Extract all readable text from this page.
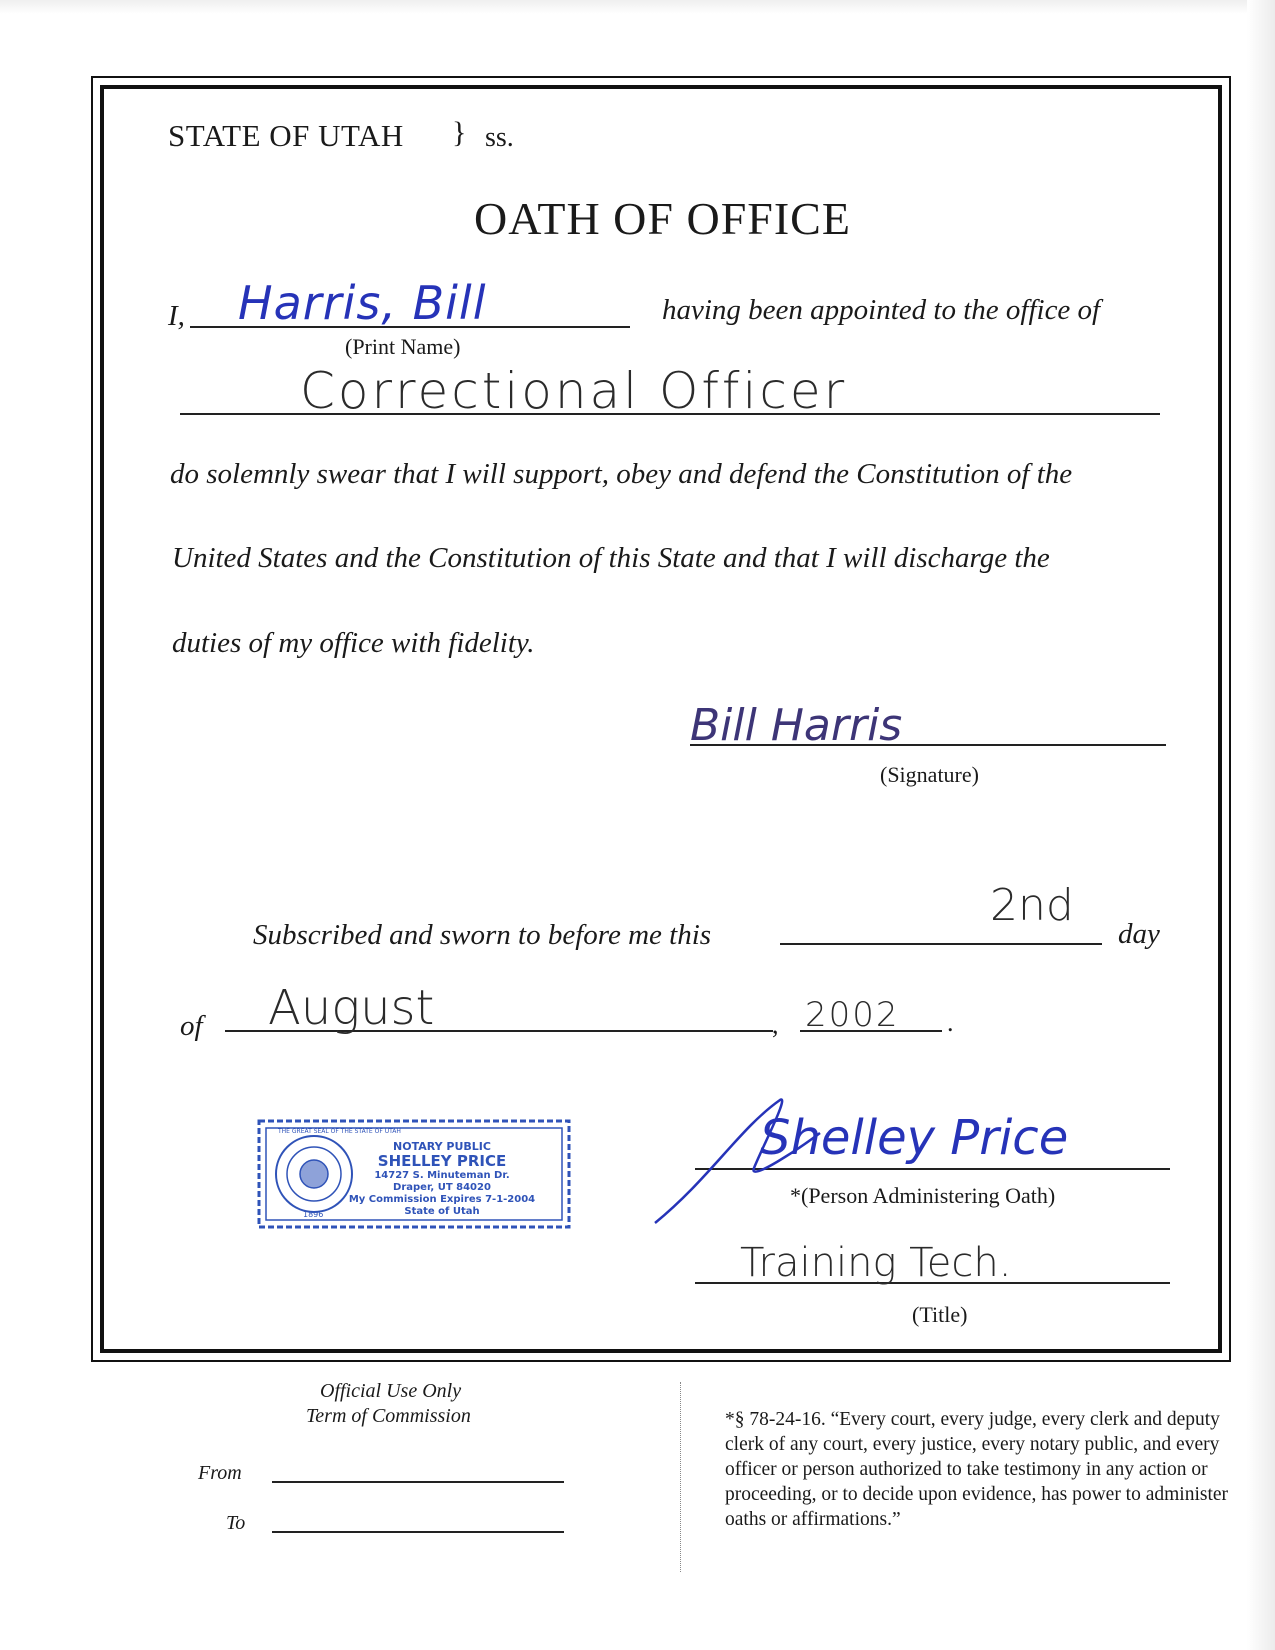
STATE OF UTAH } ss.
OATH OF OFFICE
I, Harris, Bill
(Print Name)
having been appointed to the office of
Correctional Officer
do solemnly swear that I will support, obey and defend the Constitution of the
United States and the Constitution of this State and that I will discharge the
duties of my office with fidelity.
Bill Harris
(Signature)
Subscribed and sworn to before me this
2nd
day
of August	, 2002 .
THE GREAT SEAL OF THE STATE OF UTAH
1896
NOTARY PUBLIC
SHELLEY PRICE
14727 S. Minuteman Dr.
Draper, UT 84020
My Commission Expires 7-1-2004
State of Utah
Shelley Price
*(Person Administering Oath)
Training Tech.
(Title)
Official Use Only
Term of Commission
From
To
*§ 78-24-16. “Every court, every judge, every clerk and deputy clerk of any court, every justice, every notary public, and every officer or person authorized to take testimony in any action or proceeding, or to decide upon evidence, has power to administer oaths or affirmations.”
